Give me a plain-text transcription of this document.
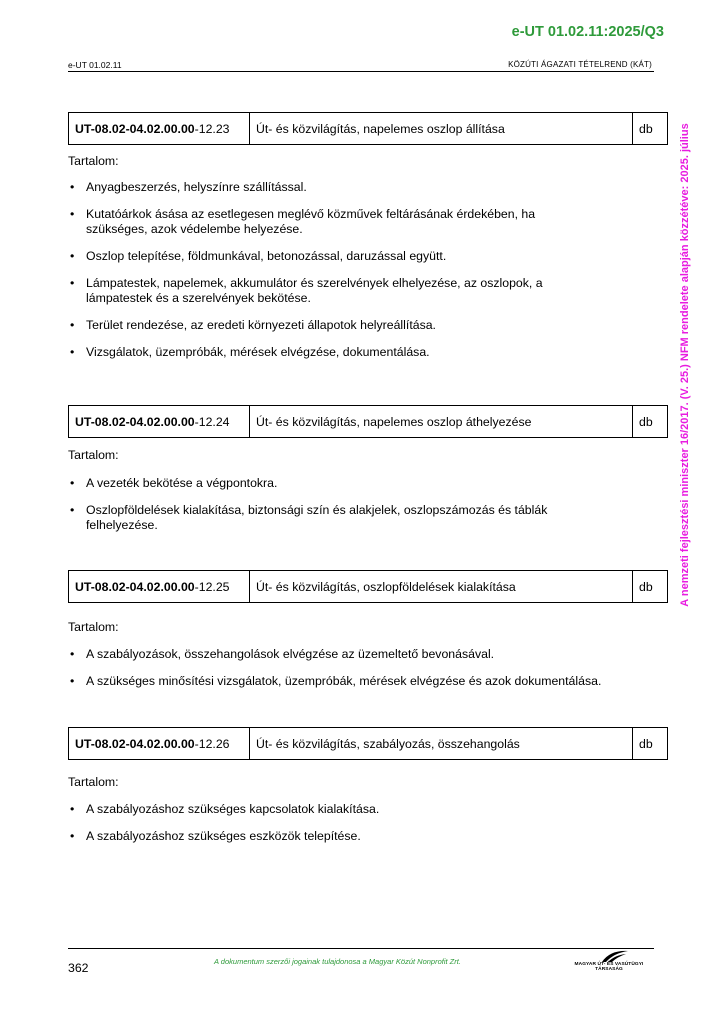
e-UT 01.02.11:2025/Q3
e-UT 01.02.11	KÖZÚTI ÁGAZATI TÉTELREND (KÁT)
A nemzeti fejlesztési miniszter 16/2017. (V. 25.) NFM rendelete alapján közzétéve: 2025. július
UT-08.02-04.02.00.00-12.23	Út- és közvilágítás, napelemes oszlop állítása	db
Tartalom:
• Anyagbeszerzés, helyszínre szállítással.
• Kutatóárkok ásása az esetlegesen meglévő közművek feltárásának érdekében, ha szükséges, azok védelembe helyezése.
• Oszlop telepítése, földmunkával, betonozással, daruzással együtt.
• Lámpatestek, napelemek, akkumulátor és szerelvények elhelyezése, az oszlopok, a lámpatestek és a szerelvények bekötése.
• Terület rendezése, az eredeti környezeti állapotok helyreállítása.
• Vizsgálatok, üzempróbák, mérések elvégzése, dokumentálása.
UT-08.02-04.02.00.00-12.24	Út- és közvilágítás, napelemes oszlop áthelyezése	db
Tartalom:
• A vezeték bekötése a végpontokra.
• Oszlopföldelések kialakítása, biztonsági szín és alakjelek, oszlopszámozás és táblák felhelyezése.
UT-08.02-04.02.00.00-12.25	Út- és közvilágítás, oszlopföldelések kialakítása	db
Tartalom:
• A szabályozások, összehangolások elvégzése az üzemeltető bevonásával.
• A szükséges minősítési vizsgálatok, üzempróbák, mérések elvégzése és azok dokumentálása.
UT-08.02-04.02.00.00-12.26	Út- és közvilágítás, szabályozás, összehangolás	db
Tartalom:
• A szabályozáshoz szükséges kapcsolatok kialakítása.
• A szabályozáshoz szükséges eszközök telepítése.
362	A dokumentum szerzői jogainak tulajdonosa a Magyar Közút Nonprofit Zrt.	MAGYAR ÚT- ÉS VASÚTÜGYI TÁRSASÁG
